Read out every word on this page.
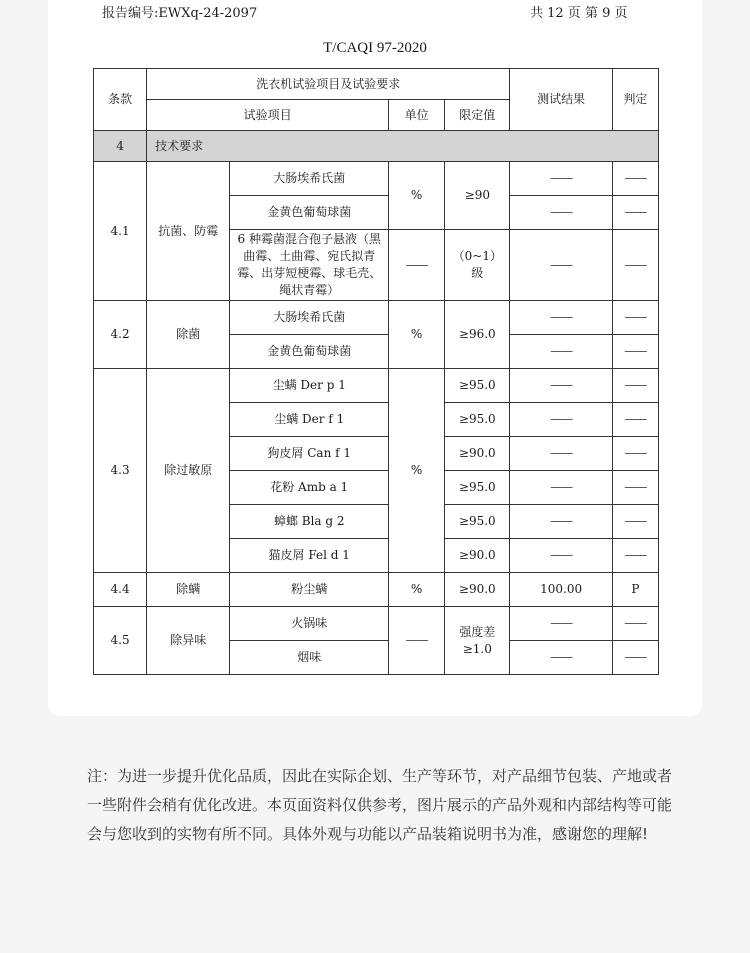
报告编号:EWXq-24-2097	共 12 页 第 9 页
T/CAQI 97-2020
条款	洗衣机试验项目及试验要求				测试结果	判定
	试验项目		单位	限定值		
4	技术要求					
4.1	抗菌、防霉	大肠埃希氏菌	%	≥90	——	——
		金黄色葡萄球菌			——	——
		6 种霉菌混合孢子悬液（黑曲霉、土曲霉、宛氏拟青霉、出芽短梗霉、球毛壳、绳状青霉）	——	（0~1）级	——	——
4.2	除菌	大肠埃希氏菌	%	≥96.0	——	——
		金黄色葡萄球菌			——	——
4.3	除过敏原	尘螨 Der p 1	%	≥95.0	——	——
		尘螨 Der f 1		≥95.0	——	——
		狗皮屑 Can f 1		≥90.0	——	——
		花粉 Amb a 1		≥95.0	——	——
		蟑螂 Bla g 2		≥95.0	——	——
		猫皮屑 Fel d 1		≥90.0	——	——
4.4	除螨	粉尘螨	%	≥90.0	100.00	P
4.5	除异味	火锅味	——	强度差≥1.0	——	——
		烟味			——	——
注：为进一步提升优化品质，因此在实际企划、生产等环节，对产品细节包装、产地或者一些附件会稍有优化改进。本页面资料仅供参考，图片展示的产品外观和内部结构等可能会与您收到的实物有所不同。具体外观与功能以产品装箱说明书为准，感谢您的理解!
